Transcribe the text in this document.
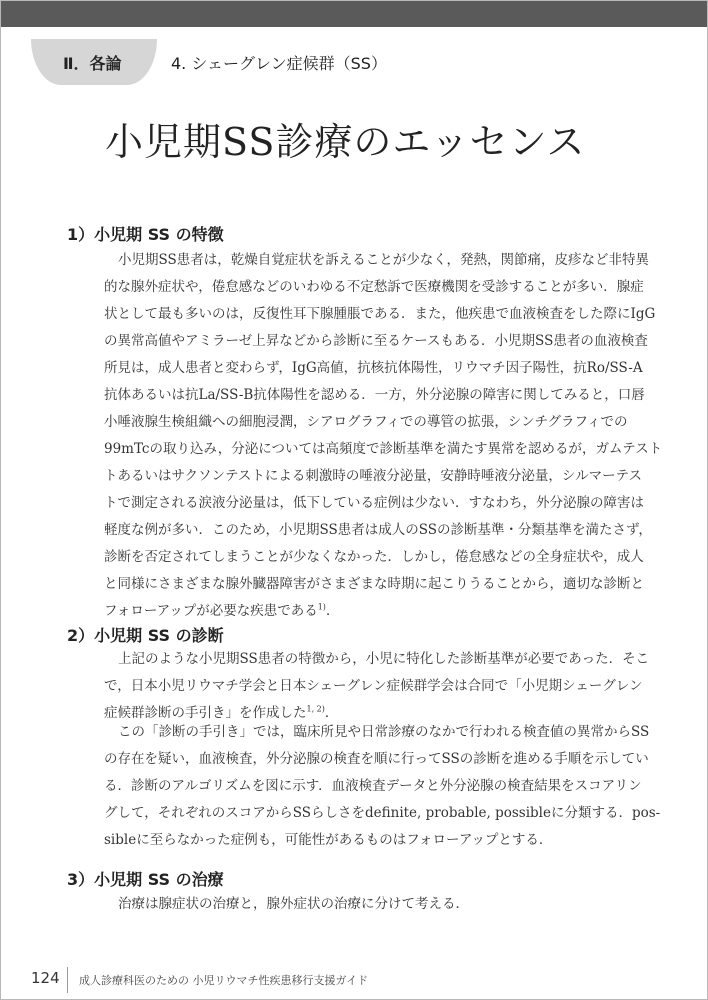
Ⅱ．各論	4. シェーグレン症候群（SS）
小児期SS診療のエッセンス
1）小児期 SS の特徴
小児期SS患者は，乾燥自覚症状を訴えることが少なく，発熱，関節痛，皮疹など非特異
的な腺外症状や，倦怠感などのいわゆる不定愁訴で医療機関を受診することが多い．腺症
状として最も多いのは，反復性耳下腺腫脹である．また，他疾患で血液検査をした際にIgG
の異常高値やアミラーゼ上昇などから診断に至るケースもある．小児期SS患者の血液検査
所見は，成人患者と変わらず，IgG高値，抗核抗体陽性，リウマチ因子陽性，抗Ro/SS-A
抗体あるいは抗La/SS-B抗体陽性を認める．一方，外分泌腺の障害に関してみると，口唇
小唾液腺生検組織への細胞浸潤，シアログラフィでの導管の拡張，シンチグラフィでの
99mTcの取り込み，分泌については高頻度で診断基準を満たす異常を認めるが，ガムテスト
トあるいはサクソンテストによる刺激時の唾液分泌量，安静時唾液分泌量，シルマーテス
トで測定される涙液分泌量は，低下している症例は少ない．すなわち，外分泌腺の障害は
軽度な例が多い．このため，小児期SS患者は成人のSSの診断基準・分類基準を満たさず，
診断を否定されてしまうことが少なくなかった．しかし，倦怠感などの全身症状や，成人
と同様にさまざまな腺外臓器障害がさまざまな時期に起こりうることから，適切な診断と
フォローアップが必要な疾患である$^{1)}$．
2）小児期 SS の診断
上記のような小児期SS患者の特徴から，小児に特化した診断基準が必要であった．そこ
で，日本小児リウマチ学会と日本シェーグレン症候群学会は合同で「小児期シェーグレン
症候群診断の手引き」を作成した$^{1, 2)}$．
この「診断の手引き」では，臨床所見や日常診療のなかで行われる検査値の異常からSS
の存在を疑い，血液検査，外分泌腺の検査を順に行ってSSの診断を進める手順を示してい
る．診断のアルゴリズムを図に示す．血液検査データと外分泌腺の検査結果をスコアリン
グして，それぞれのスコアからSSらしさをdefinite, probable, possibleに分類する．pos-
sibleに至らなかった症例も，可能性があるものはフォローアップとする．
3）小児期 SS の治療
治療は腺症状の治療と，腺外症状の治療に分けて考える．
124 成人診療科医のための 小児リウマチ性疾患移行支援ガイド
